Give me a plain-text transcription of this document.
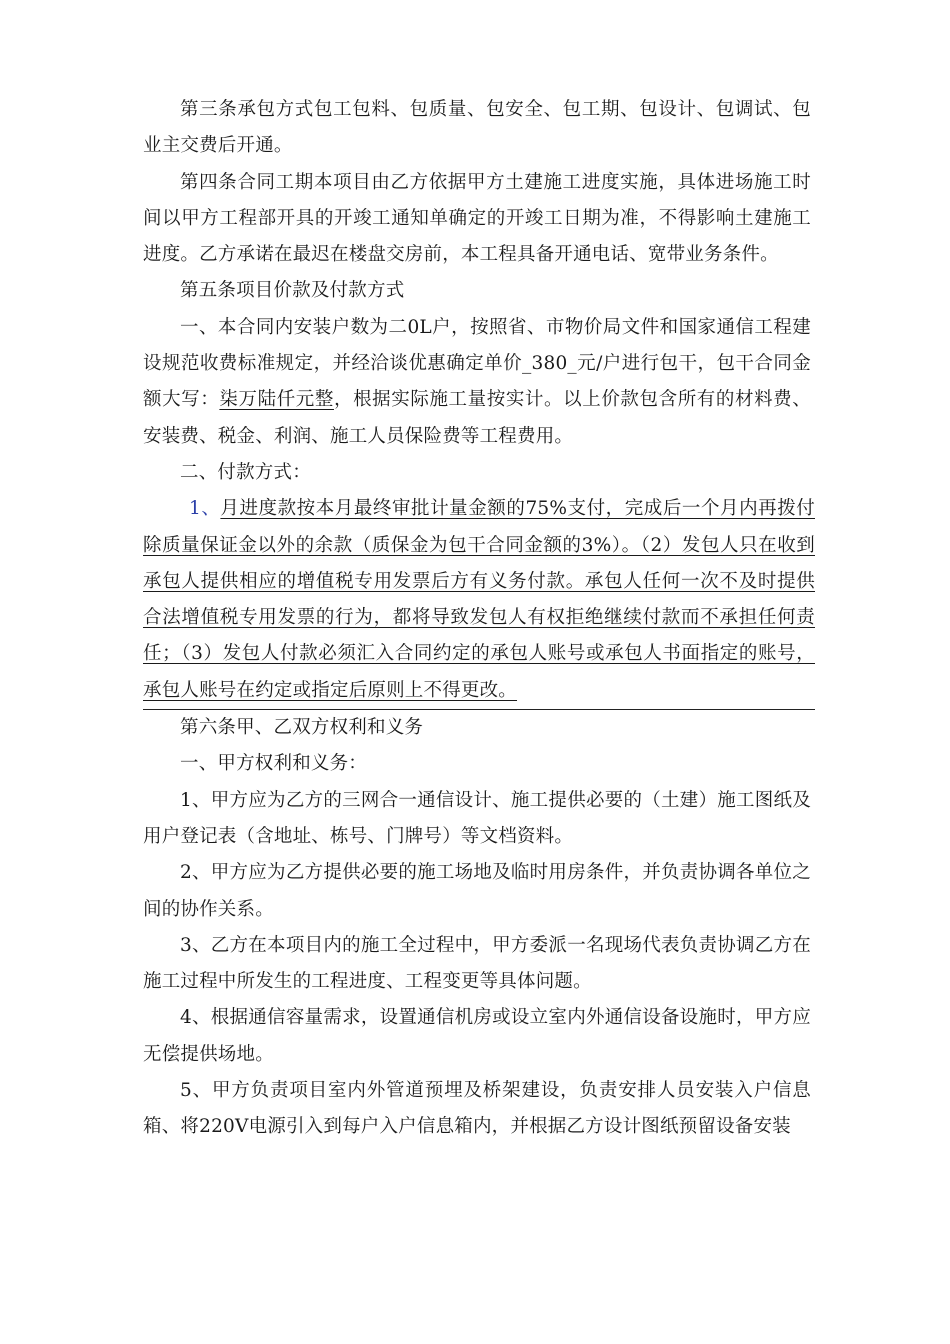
第三条承包方式包工包料、包质量、包安全、包工期、包设计、包调试、包业主交费后开通。

第四条合同工期本项目由乙方依据甲方土建施工进度实施，具体进场施工时间以甲方工程部开具的开竣工通知单确定的开竣工日期为准，不得影响土建施工进度。乙方承诺在最迟在楼盘交房前，本工程具备开通电话、宽带业务条件。

第五条项目价款及付款方式

一、本合同内安装户数为二0L户，按照省、市物价局文件和国家通信工程建设规范收费标准规定，并经洽谈优惠确定单价_380_元/户进行包干，包干合同金额大写：柒万陆仟元整，根据实际施工量按实计。以上价款包含所有的材料费、安装费、税金、利润、施工人员保险费等工程费用。

二、付款方式：

1、月进度款按本月最终审批计量金额的75%支付，完成后一个月内再拨付除质量保证金以外的余款（质保金为包干合同金额的3%）。（2）发包人只在收到承包人提供相应的增值税专用发票后方有义务付款。承包人任何一次不及时提供合法增值税专用发票的行为，都将导致发包人有权拒绝继续付款而不承担任何责任；（3）发包人付款必须汇入合同约定的承包人账号或承包人书面指定的账号，承包人账号在约定或指定后原则上不得更改。

第六条甲、乙双方权利和义务

一、甲方权利和义务：

1、甲方应为乙方的三网合一通信设计、施工提供必要的（土建）施工图纸及用户登记表（含地址、栋号、门牌号）等文档资料。

2、甲方应为乙方提供必要的施工场地及临时用房条件，并负责协调各单位之间的协作关系。

3、乙方在本项目内的施工全过程中，甲方委派一名现场代表负责协调乙方在施工过程中所发生的工程进度、工程变更等具体问题。

4、根据通信容量需求，设置通信机房或设立室内外通信设备设施时，甲方应无偿提供场地。

5、甲方负责项目室内外管道预埋及桥架建设，负责安排人员安装入户信息箱、将220V电源引入到每户入户信息箱内，并根据乙方设计图纸预留设备安装
